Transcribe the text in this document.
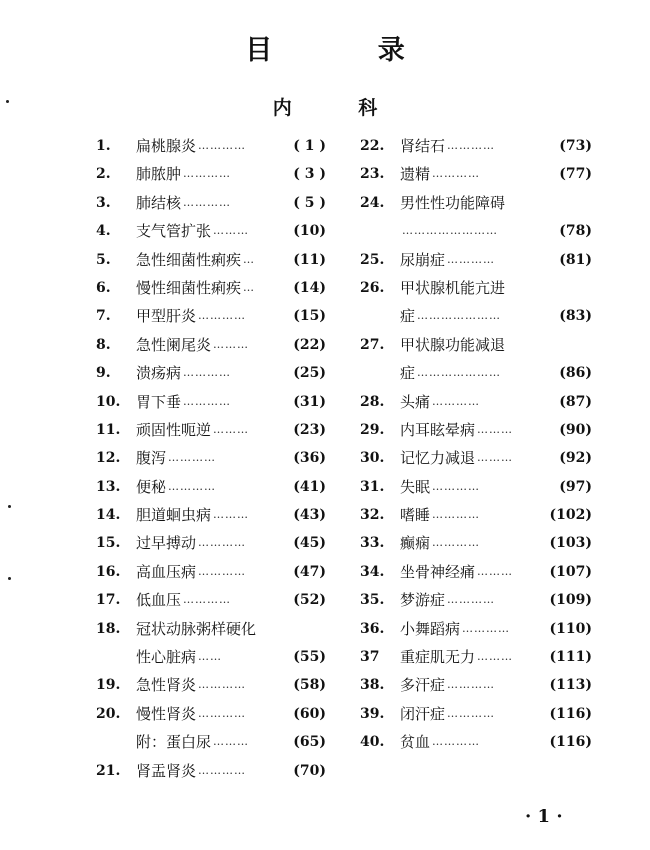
目 录
内 科
1.	扁桃腺炎 …………	( 1 )
2.	肺脓肿 …………	( 3 )
3.	肺结核 …………	( 5 )
4.	支气管扩张 ………	(10)
5.	急性细菌性痢疾 …	(11)
6.	慢性细菌性痢疾 …	(14)
7.	甲型肝炎 …………	(15)
8.	急性阑尾炎 ………	(22)
9.	溃疡病 …………	(25)
10.	胃下垂 …………	(31)
11.	顽固性呃逆 ………	(23)
12.	腹泻 …………	(36)
13.	便秘 …………	(41)
14.	胆道蛔虫病 ………	(43)
15.	过早搏动 …………	(45)
16.	高血压病 …………	(47)
17.	低血压 …………	(52)
18.	冠状动脉粥样硬化
性心脏病 ……	(55)
19.	急性肾炎 …………	(58)
20.	慢性肾炎 …………	(60)
附：蛋白尿 ………	(65)
21.	肾盂肾炎 …………	(70)
22.	肾结石 …………	(73)
23.	遗精 …………	(77)
24.	男性性功能障碍
……………………	(78)
25.	尿崩症 …………	(81)
26.	甲状腺机能亢进
症 …………………	(83)
27.	甲状腺功能减退
症 …………………	(86)
28.	头痛 …………	(87)
29.	内耳眩晕病 ………	(90)
30.	记忆力减退 ………	(92)
31.	失眠 …………	(97)
32.	嗜睡 …………	(102)
33.	癫痫 …………	(103)
34.	坐骨神经痛 ………	(107)
35.	梦游症 …………	(109)
36.	小舞蹈病 …………	(110)
37	重症肌无力 ………	(111)
38.	多汗症 …………	(113)
39.	闭汗症 …………	(116)
40.	贫血 …………	(116)
· 1 ·
